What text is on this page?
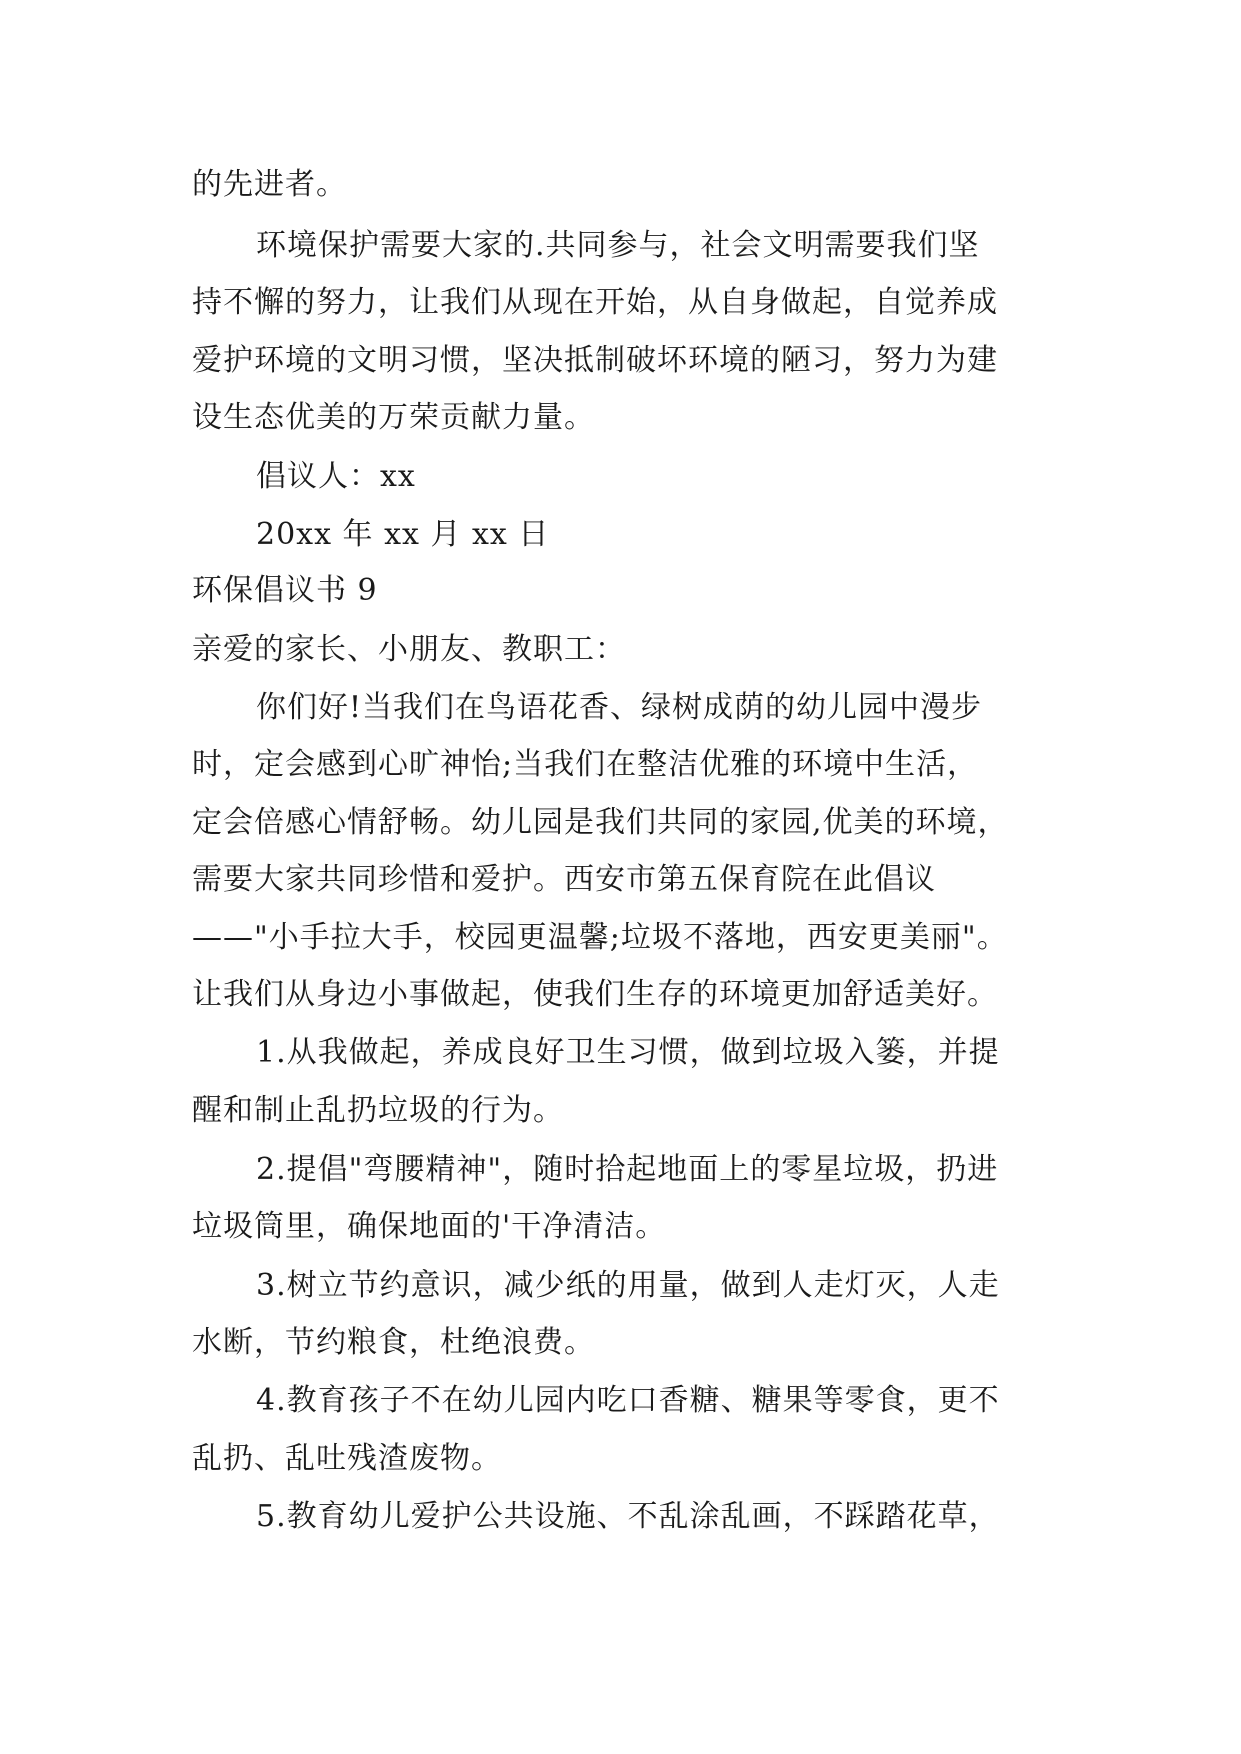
的先进者。
环境保护需要大家的.共同参与，社会文明需要我们坚
持不懈的努力，让我们从现在开始，从自身做起，自觉养成
爱护环境的文明习惯，坚决抵制破坏环境的陋习，努力为建
设生态优美的万荣贡献力量。
倡议人：xx
20xx 年 xx 月 xx 日
环保倡议书 9
亲爱的家长、小朋友、教职工：
你们好!当我们在鸟语花香、绿树成荫的幼儿园中漫步
时，定会感到心旷神怡;当我们在整洁优雅的环境中生活，
定会倍感心情舒畅。幼儿园是我们共同的家园,优美的环境，
需要大家共同珍惜和爱护。西安市第五保育院在此倡议
——"小手拉大手，校园更温馨;垃圾不落地，西安更美丽"。
让我们从身边小事做起，使我们生存的环境更加舒适美好。
1.从我做起，养成良好卫生习惯，做到垃圾入篓，并提
醒和制止乱扔垃圾的行为。
2.提倡"弯腰精神"，随时拾起地面上的零星垃圾，扔进
垃圾筒里，确保地面的'干净清洁。
3.树立节约意识，减少纸的用量，做到人走灯灭，人走
水断，节约粮食，杜绝浪费。
4.教育孩子不在幼儿园内吃口香糖、糖果等零食，更不
乱扔、乱吐残渣废物。
5.教育幼儿爱护公共设施、不乱涂乱画，不踩踏花草，
